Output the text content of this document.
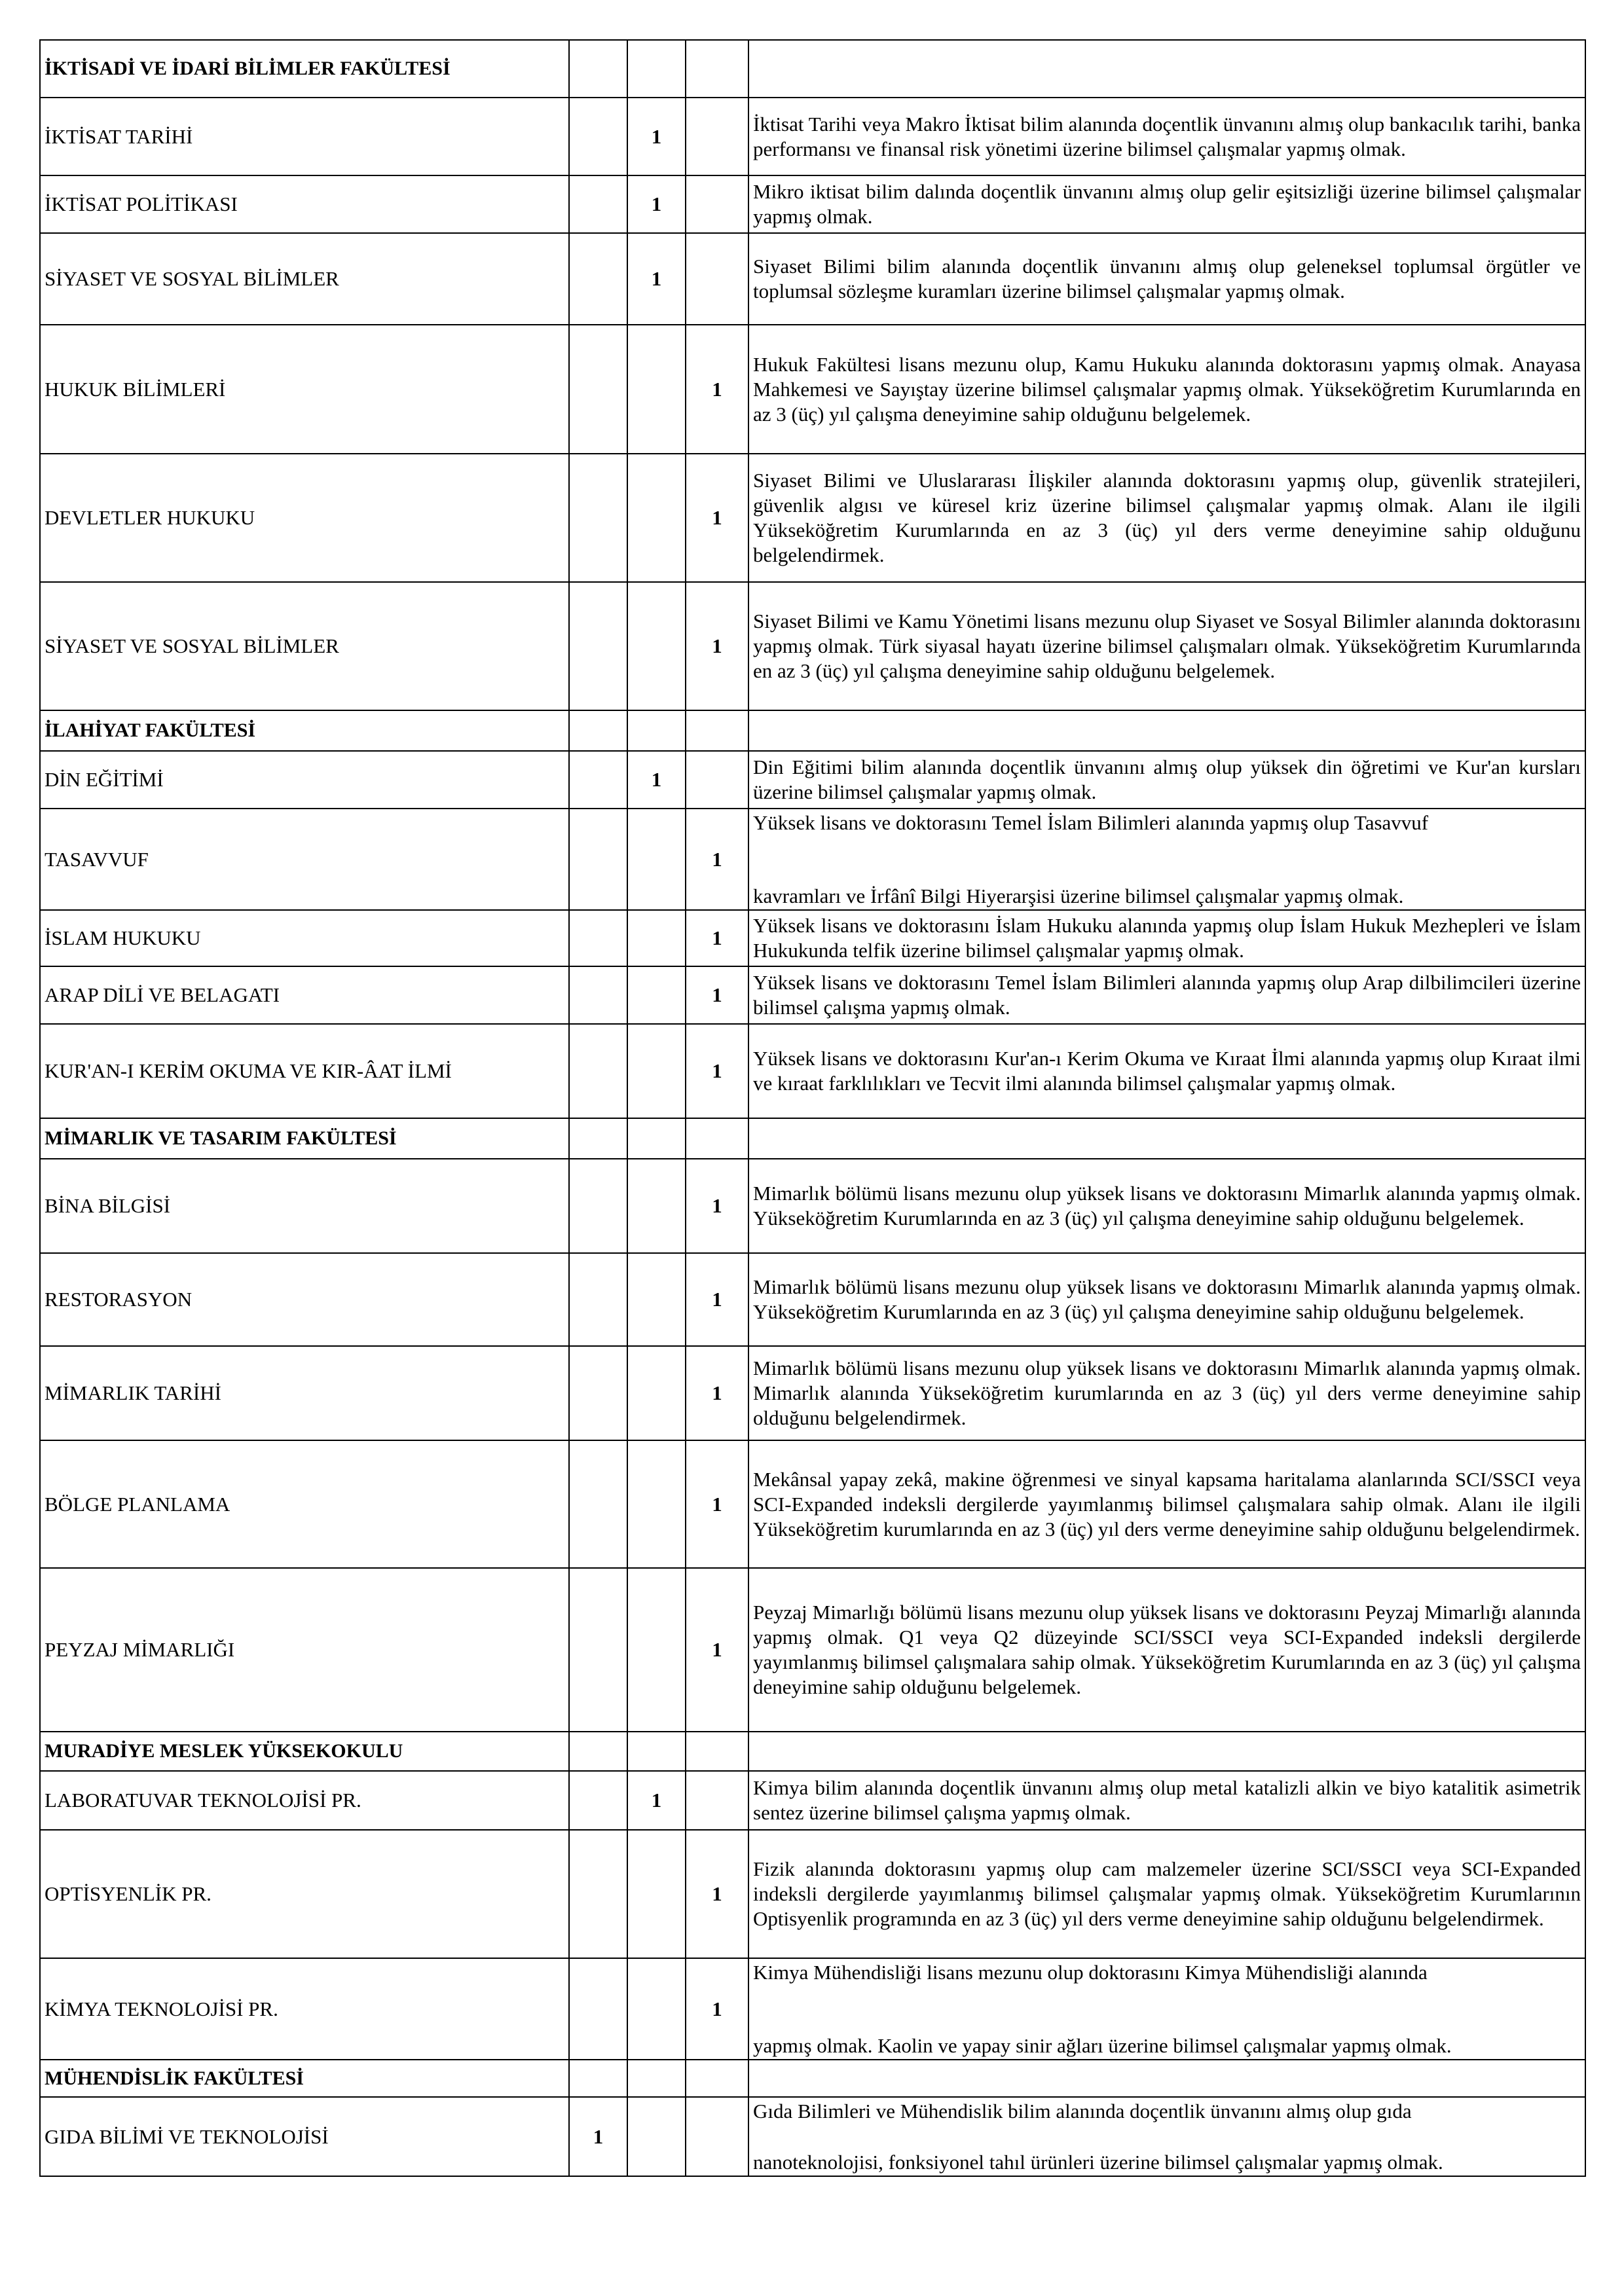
İKTİSADİ VE İDARİ BİLİMLER FAKÜLTESİ				
İKTİSAT TARİHİ		1		İktisat Tarihi veya Makro İktisat bilim alanında doçentlik ünvanını almış olup bankacılık tarihi, banka performansı ve finansal risk yönetimi üzerine bilimsel çalışmalar yapmış olmak.
İKTİSAT POLİTİKASI		1		Mikro iktisat bilim dalında doçentlik ünvanını almış olup gelir eşitsizliği üzerine bilimsel çalışmalar yapmış olmak.
SİYASET VE SOSYAL BİLİMLER		1		Siyaset Bilimi bilim alanında doçentlik ünvanını almış olup geleneksel toplumsal örgütler ve toplumsal sözleşme kuramları üzerine bilimsel çalışmalar yapmış olmak.
HUKUK BİLİMLERİ			1	Hukuk Fakültesi lisans mezunu olup, Kamu Hukuku alanında doktorasını yapmış olmak. Anayasa Mahkemesi ve Sayıştay üzerine bilimsel çalışmalar yapmış olmak. Yükseköğretim Kurumlarında en az 3 (üç) yıl çalışma deneyimine sahip olduğunu belgelemek.
DEVLETLER HUKUKU			1	Siyaset Bilimi ve Uluslararası İlişkiler alanında doktorasını yapmış olup, güvenlik stratejileri, güvenlik algısı ve küresel kriz üzerine bilimsel çalışmalar yapmış olmak. Alanı ile ilgili Yükseköğretim Kurumlarında en az 3 (üç) yıl ders verme deneyimine sahip olduğunu belgelendirmek.
SİYASET VE SOSYAL BİLİMLER			1	Siyaset Bilimi ve Kamu Yönetimi lisans mezunu olup Siyaset ve Sosyal Bilimler alanında doktorasını yapmış olmak. Türk siyasal hayatı üzerine bilimsel çalışmaları olmak. Yükseköğretim Kurumlarında en az 3 (üç) yıl çalışma deneyimine sahip olduğunu belgelemek.
İLAHİYAT FAKÜLTESİ				
DİN EĞİTİMİ		1		Din Eğitimi bilim alanında doçentlik ünvanını almış olup yüksek din öğretimi ve Kur'an kursları üzerine bilimsel çalışmalar yapmış olmak.
TASAVVUF			1	Yüksek lisans ve doktorasını Temel İslam Bilimleri alanında yapmış olup Tasavvuf
kavramları ve İrfânî Bilgi Hiyerarşisi üzerine bilimsel çalışmalar yapmış olmak.

İSLAM HUKUKU			1	Yüksek lisans ve doktorasını İslam Hukuku alanında yapmış olup İslam Hukuk Mezhepleri ve İslam Hukukunda telfik üzerine bilimsel çalışmalar yapmış olmak.
ARAP DİLİ VE BELAGATI			1	Yüksek lisans ve doktorasını Temel İslam Bilimleri alanında yapmış olup Arap dilbilimcileri üzerine bilimsel çalışma yapmış olmak.
KUR'AN-I KERİM OKUMA VE KIR-ÂAT İLMİ			1	Yüksek lisans ve doktorasını Kur'an-ı Kerim Okuma ve Kıraat İlmi alanında yapmış olup Kıraat ilmi ve kıraat farklılıkları ve Tecvit ilmi alanında bilimsel çalışmalar yapmış olmak.
MİMARLIK VE TASARIM FAKÜLTESİ				
BİNA BİLGİSİ			1	Mimarlık bölümü lisans mezunu olup yüksek lisans ve doktorasını Mimarlık alanında yapmış olmak. Yükseköğretim Kurumlarında en az 3 (üç) yıl çalışma deneyimine sahip olduğunu belgelemek.
RESTORASYON			1	Mimarlık bölümü lisans mezunu olup yüksek lisans ve doktorasını Mimarlık alanında yapmış olmak. Yükseköğretim Kurumlarında en az 3 (üç) yıl çalışma deneyimine sahip olduğunu belgelemek.
MİMARLIK TARİHİ			1	Mimarlık bölümü lisans mezunu olup yüksek lisans ve doktorasını Mimarlık alanında yapmış olmak. Mimarlık alanında Yükseköğretim kurumlarında en az 3 (üç) yıl ders verme deneyimine sahip olduğunu belgelendirmek.
BÖLGE PLANLAMA			1	Mekânsal yapay zekâ, makine öğrenmesi ve sinyal kapsama haritalama alanlarında SCI/SSCI veya SCI-Expanded indeksli dergilerde yayımlanmış bilimsel çalışmalara sahip olmak. Alanı ile ilgili Yükseköğretim kurumlarında en az 3 (üç) yıl ders verme deneyimine sahip olduğunu belgelendirmek.
PEYZAJ MİMARLIĞI			1	Peyzaj Mimarlığı bölümü lisans mezunu olup yüksek lisans ve doktorasını Peyzaj Mimarlığı alanında yapmış olmak. Q1 veya Q2 düzeyinde SCI/SSCI veya SCI-Expanded indeksli dergilerde yayımlanmış bilimsel çalışmalara sahip olmak. Yükseköğretim Kurumlarında en az 3 (üç) yıl çalışma deneyimine sahip olduğunu belgelemek.
MURADİYE MESLEK YÜKSEKOKULU				
LABORATUVAR TEKNOLOJİSİ PR.		1		Kimya bilim alanında doçentlik ünvanını almış olup metal katalizli alkin ve biyo katalitik asimetrik sentez üzerine bilimsel çalışma yapmış olmak.
OPTİSYENLİK PR.			1	Fizik alanında doktorasını yapmış olup cam malzemeler üzerine SCI/SSCI veya SCI-Expanded indeksli dergilerde yayımlanmış bilimsel çalışmalar yapmış olmak. Yükseköğretim Kurumlarının Optisyenlik programında en az 3 (üç) yıl ders verme deneyimine sahip olduğunu belgelendirmek.
KİMYA TEKNOLOJİSİ PR.			1	Kimya Mühendisliği lisans mezunu olup doktorasını Kimya Mühendisliği alanında
yapmış olmak. Kaolin ve yapay sinir ağları üzerine bilimsel çalışmalar yapmış olmak.

MÜHENDİSLİK FAKÜLTESİ				
GIDA BİLİMİ VE TEKNOLOJİSİ	1			Gıda Bilimleri ve Mühendislik bilim alanında doçentlik ünvanını almış olup gıda
nanoteknolojisi, fonksiyonel tahıl ürünleri üzerine bilimsel çalışmalar yapmış olmak.
